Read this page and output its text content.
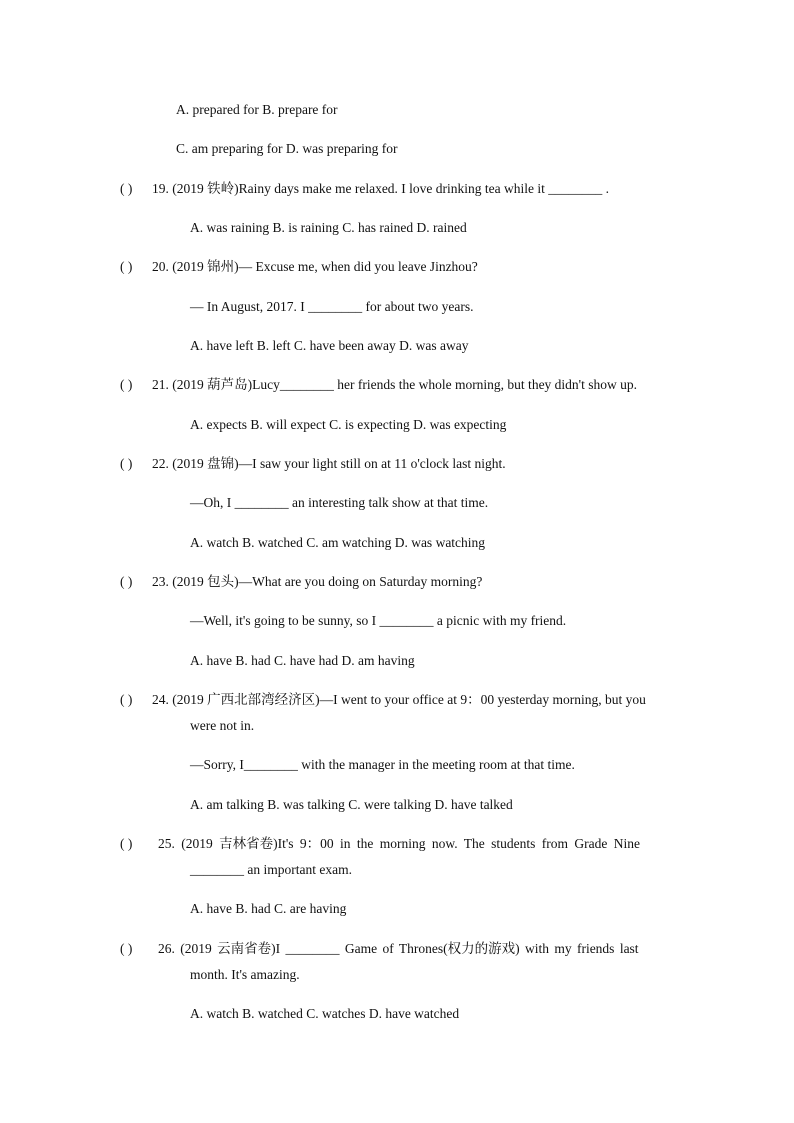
A. prepared for B. prepare for
C. am preparing for D. was preparing for
( ) 19. (2019 铁岭)Rainy days make me relaxed. I love drinking tea while it ________ .
A. was raining B. is raining C. has rained D. rained
( ) 20. (2019 锦州)— Excuse me, when did you leave Jinzhou?
— In August, 2017. I ________ for about two years.
A. have left B. left C. have been away D. was away
( ) 21. (2019 葫芦岛)Lucy________ her friends the whole morning, but they didn't show up.
A. expects B. will expect C. is expecting D. was expecting
( ) 22. (2019 盘锦)—I saw your light still on at 11 o'clock last night.
—Oh, I ________ an interesting talk show at that time.
A. watch B. watched C. am watching D. was watching
( ) 23. (2019 包头)—What are you doing on Saturday morning?
—Well, it's going to be sunny, so I ________ a picnic with my friend.
A. have B. had C. have had D. am having
( ) 24. (2019 广西北部湾经济区)—I went to your office at 9：00 yesterday morning, but you
were not in.
—Sorry, I________ with the manager in the meeting room at that time.
A. am talking B. was talking C. were talking D. have talked
( ) 25. (2019 吉林省卷)It's 9：00 in the morning now. The students from Grade Nine
________ an important exam.
A. have B. had C. are having
( ) 26. (2019 云南省卷)I ________ Game of Thrones(权力的游戏) with my friends last
month. It's amazing.
A. watch B. watched C. watches D. have watched
